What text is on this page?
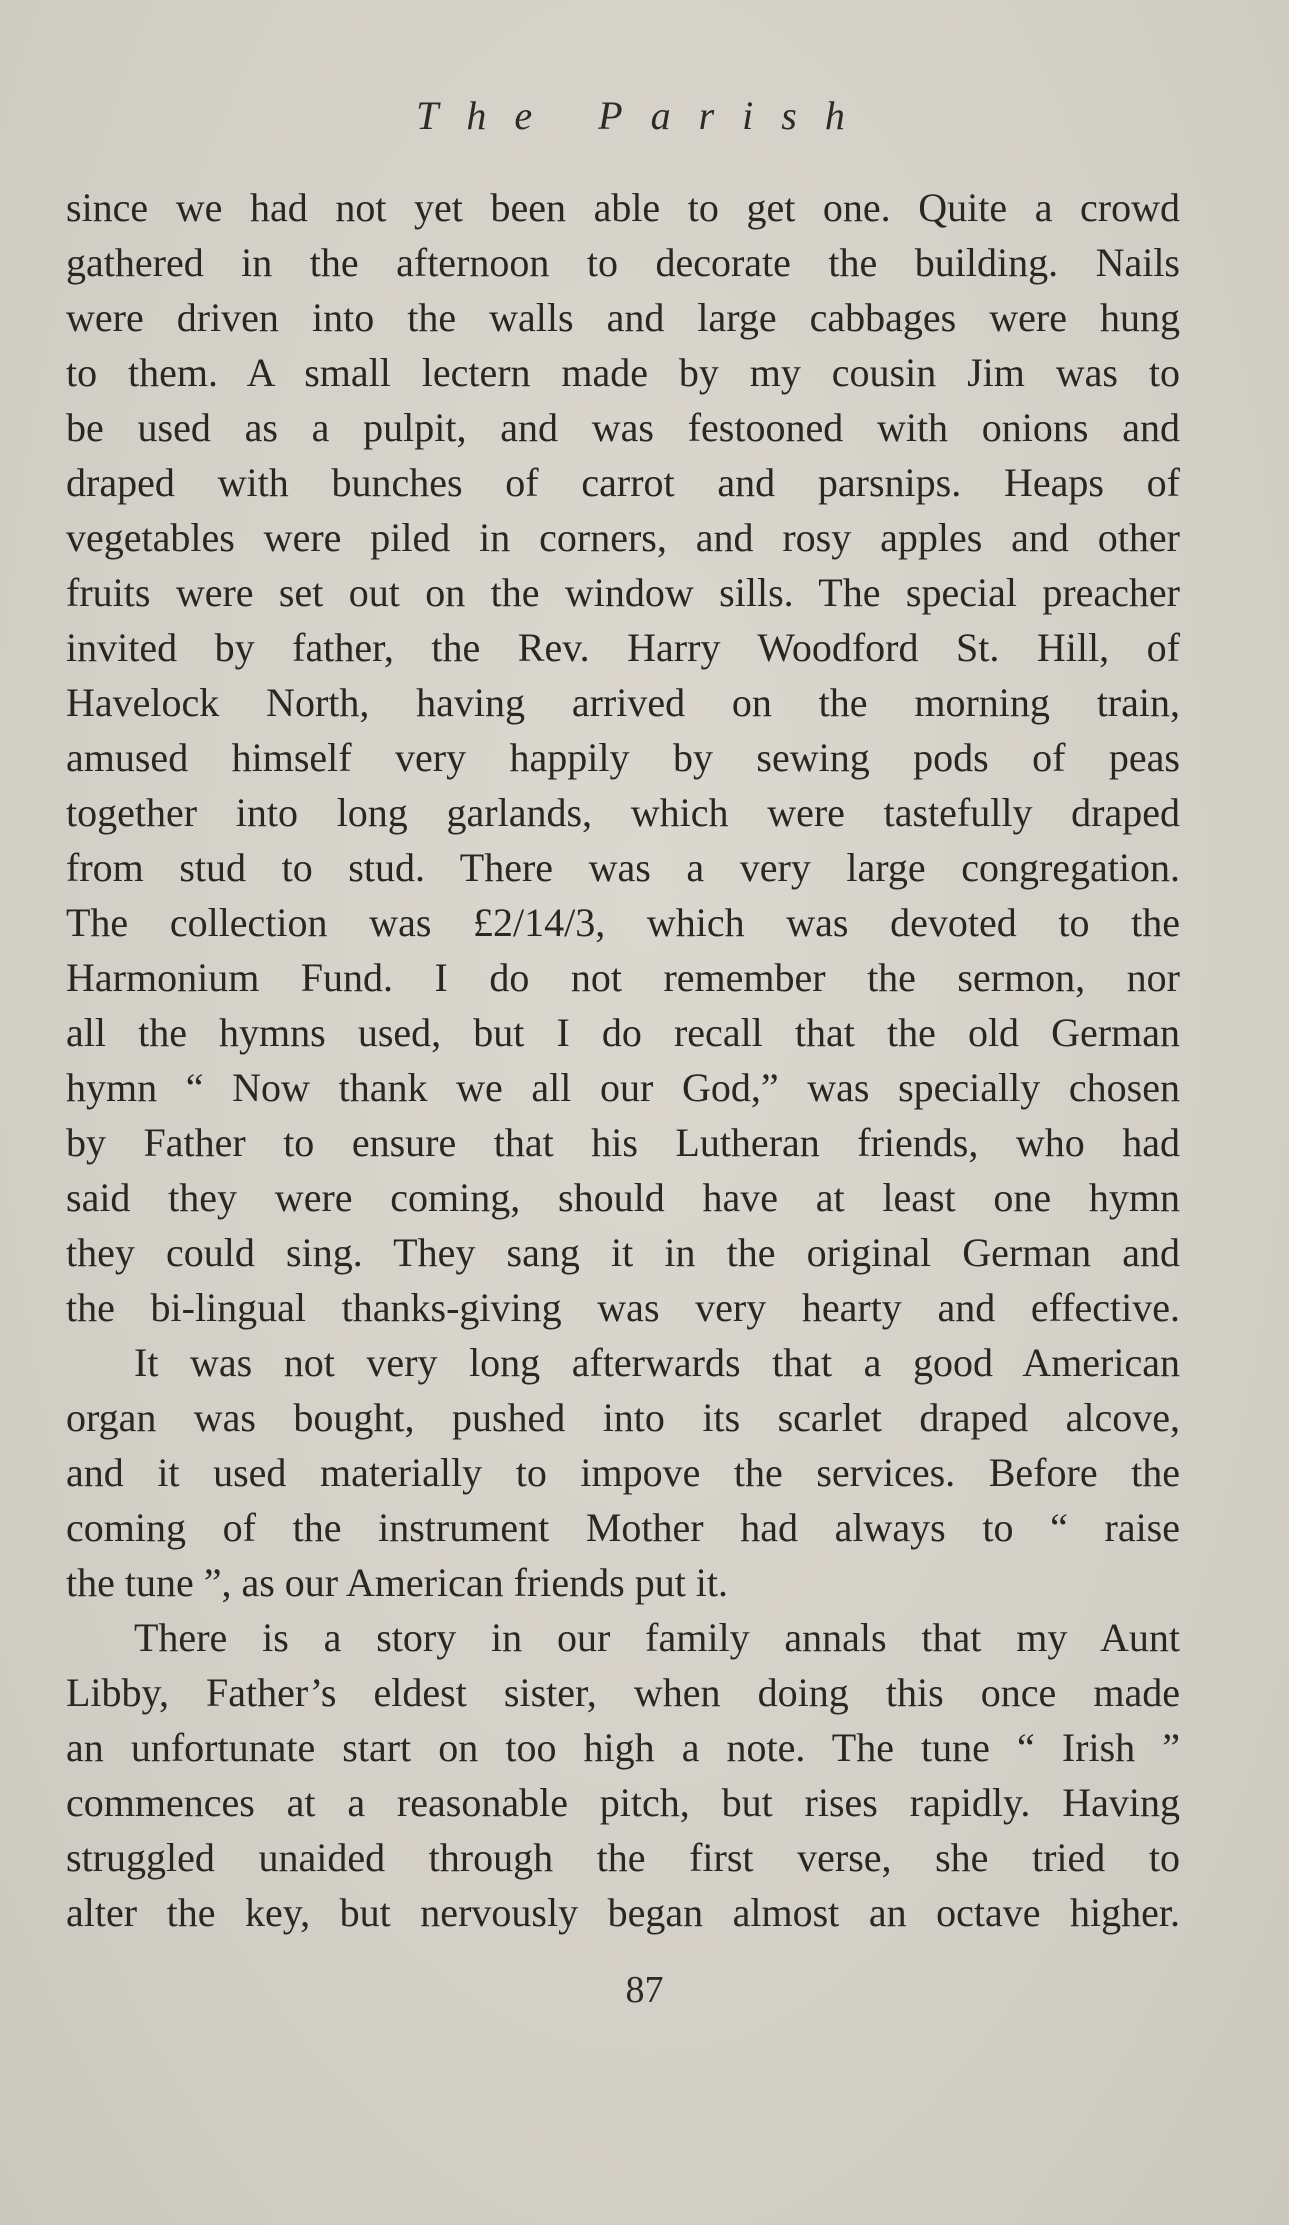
The Parish
since we had not yet been able to get one. Quite a crowd
gathered in the afternoon to decorate the building. Nails
were driven into the walls and large cabbages were hung
to them. A small lectern made by my cousin Jim was to
be used as a pulpit, and was festooned with onions and
draped with bunches of carrot and parsnips. Heaps of
vegetables were piled in corners, and rosy apples and other
fruits were set out on the window sills. The special preacher
invited by father, the Rev. Harry Woodford St. Hill, of
Havelock North, having arrived on the morning train,
amused himself very happily by sewing pods of peas
together into long garlands, which were tastefully draped
from stud to stud. There was a very large congregation.
The collection was £2/14/3, which was devoted to the
Harmonium Fund. I do not remember the sermon, nor
all the hymns used, but I do recall that the old German
hymn “ Now thank we all our God,” was specially chosen
by Father to ensure that his Lutheran friends, who had
said they were coming, should have at least one hymn
they could sing. They sang it in the original German and
the bi-lingual thanks-giving was very hearty and effective.
It was not very long afterwards that a good American
organ was bought, pushed into its scarlet draped alcove,
and it used materially to impove the services. Before the
coming of the instrument Mother had always to “ raise
the tune ”, as our American friends put it.
There is a story in our family annals that my Aunt
Libby, Father’s eldest sister, when doing this once made
an unfortunate start on too high a note. The tune “ Irish ”
commences at a reasonable pitch, but rises rapidly. Having
struggled unaided through the first verse, she tried to
alter the key, but nervously began almost an octave higher.
87
